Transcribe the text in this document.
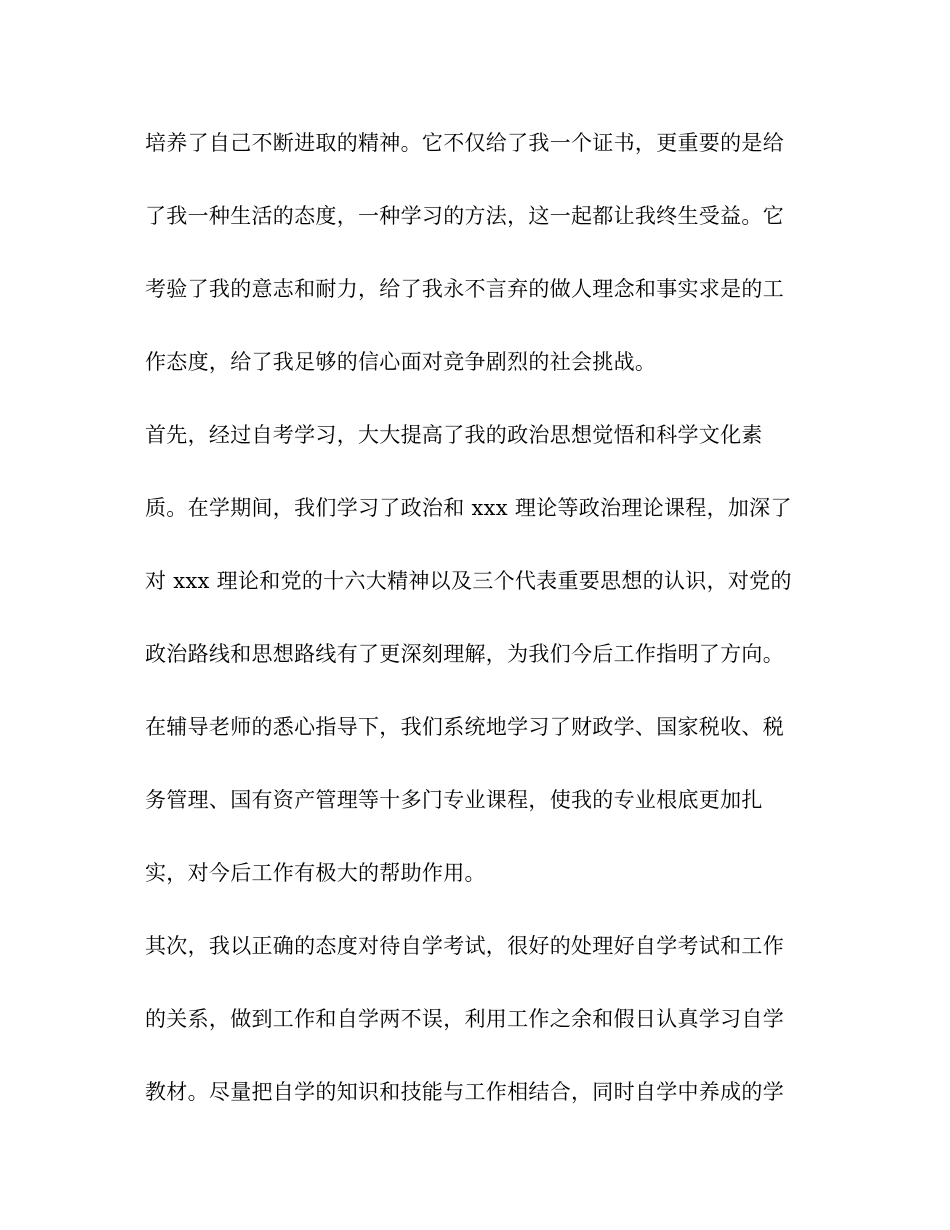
培养了自己不断进取的精神。它不仅给了我一个证书，更重要的是给
了我一种生活的态度，一种学习的方法，这一起都让我终生受益。它
考验了我的意志和耐力，给了我永不言弃的做人理念和事实求是的工
作态度，给了我足够的信心面对竞争剧烈的社会挑战。
首先，经过自考学习，大大提高了我的政治思想觉悟和科学文化素
质。在学期间，我们学习了政治和 xxx 理论等政治理论课程，加深了
对 xxx 理论和党的十六大精神以及三个代表重要思想的认识，对党的
政治路线和思想路线有了更深刻理解，为我们今后工作指明了方向。
在辅导老师的悉心指导下，我们系统地学习了财政学、国家税收、税
务管理、国有资产管理等十多门专业课程，使我的专业根底更加扎
实，对今后工作有极大的帮助作用。
其次，我以正确的态度对待自学考试，很好的处理好自学考试和工作
的关系，做到工作和自学两不误，利用工作之余和假日认真学习自学
教材。尽量把自学的知识和技能与工作相结合，同时自学中养成的学
